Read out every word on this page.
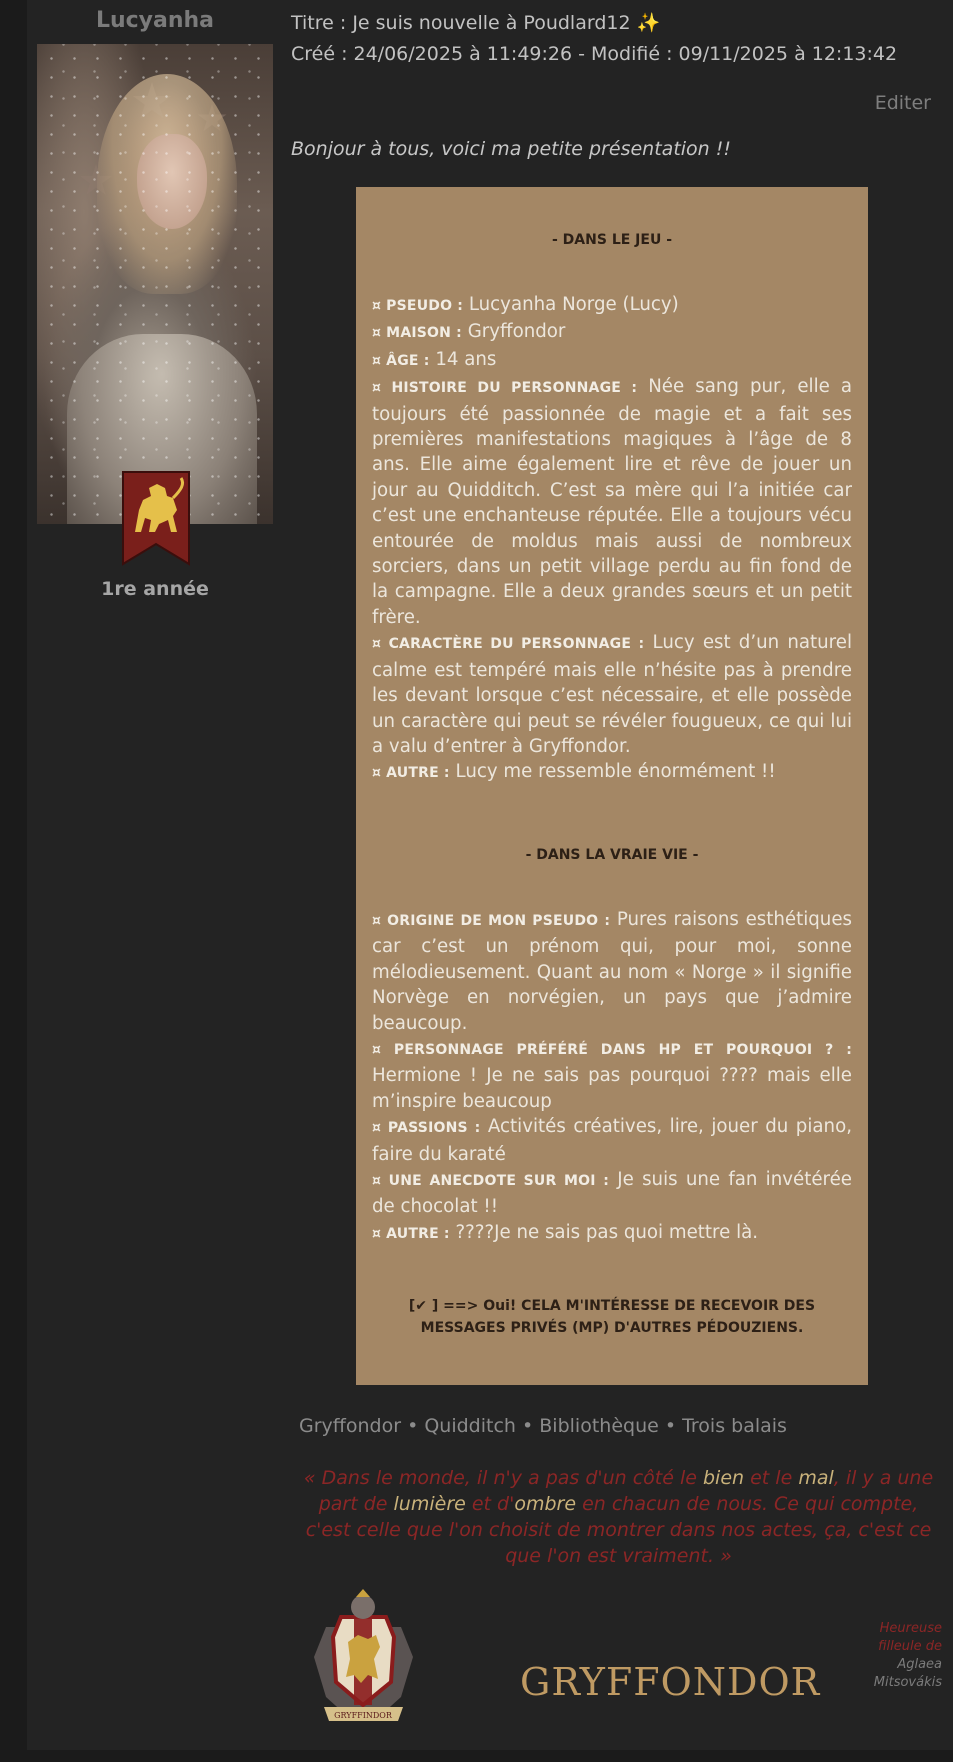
Lucyanha
1re année
Titre : Je suis nouvelle à Poudlard12 ✨
Créé : 24/06/2025 à 11:49:26 - Modifié : 09/11/2025 à 12:13:42
Editer
Bonjour à tous, voici ma petite présentation !!
- DANS LE JEU -

¤ PSEUDO : Lucyanha Norge (Lucy)

¤ MAISON : Gryffondor

¤ ÂGE : 14 ans

¤ HISTOIRE DU PERSONNAGE : Née sang pur, elle a toujours été passionnée de magie et a fait ses premières manifestations magiques à l’âge de 8 ans. Elle aime également lire et rêve de jouer un jour au Quidditch. C’est sa mère qui l’a initiée car c’est une enchanteuse réputée. Elle a toujours vécu entourée de moldus mais aussi de nombreux sorciers, dans un petit village perdu au fin fond de la campagne. Elle a deux grandes sœurs et un petit frère.

¤ CARACTÈRE DU PERSONNAGE : Lucy est d’un naturel calme est tempéré mais elle n’hésite pas à prendre les devant lorsque c’est nécessaire, et elle possède un caractère qui peut se révéler fougueux, ce qui lui a valu d’entrer à Gryffondor.

¤ AUTRE : Lucy me ressemble énormément !!

- DANS LA VRAIE VIE -

¤ ORIGINE DE MON PSEUDO : Pures raisons esthétiques car c’est un prénom qui, pour moi, sonne mélodieusement. Quant au nom « Norge » il signifie Norvège en norvégien, un pays que j’admire beaucoup.

¤ PERSONNAGE PRÉFÉRÉ DANS HP ET POURQUOI ? : Hermione ! Je ne sais pas pourquoi ???? mais elle m’inspire beaucoup

¤ PASSIONS : Activités créatives, lire, jouer du piano, faire du karaté

¤ UNE ANECDOTE SUR MOI : Je suis une fan invétérée de chocolat !!

¤ AUTRE : ????Je ne sais pas quoi mettre là.

[✔ ] ==> Oui! CELA M'INTÉRESSE DE RECEVOIR DES
MESSAGES PRIVÉS (MP) D'AUTRES PÉDOUZIENS.
Gryffondor • Quidditch • Bibliothèque • Trois balais
« Dans le monde, il n'y a pas d'un côté le bien et le mal, il y a une part de lumière et d'ombre en chacun de nous. Ce qui compte, c'est celle que l'on choisit de montrer dans nos actes, ça, c'est ce que l'on est vraiment. »
GRYFFINDOR
GRYFFONDOR
Heureuse
filleule de
Aglaea
Mitsovákis
